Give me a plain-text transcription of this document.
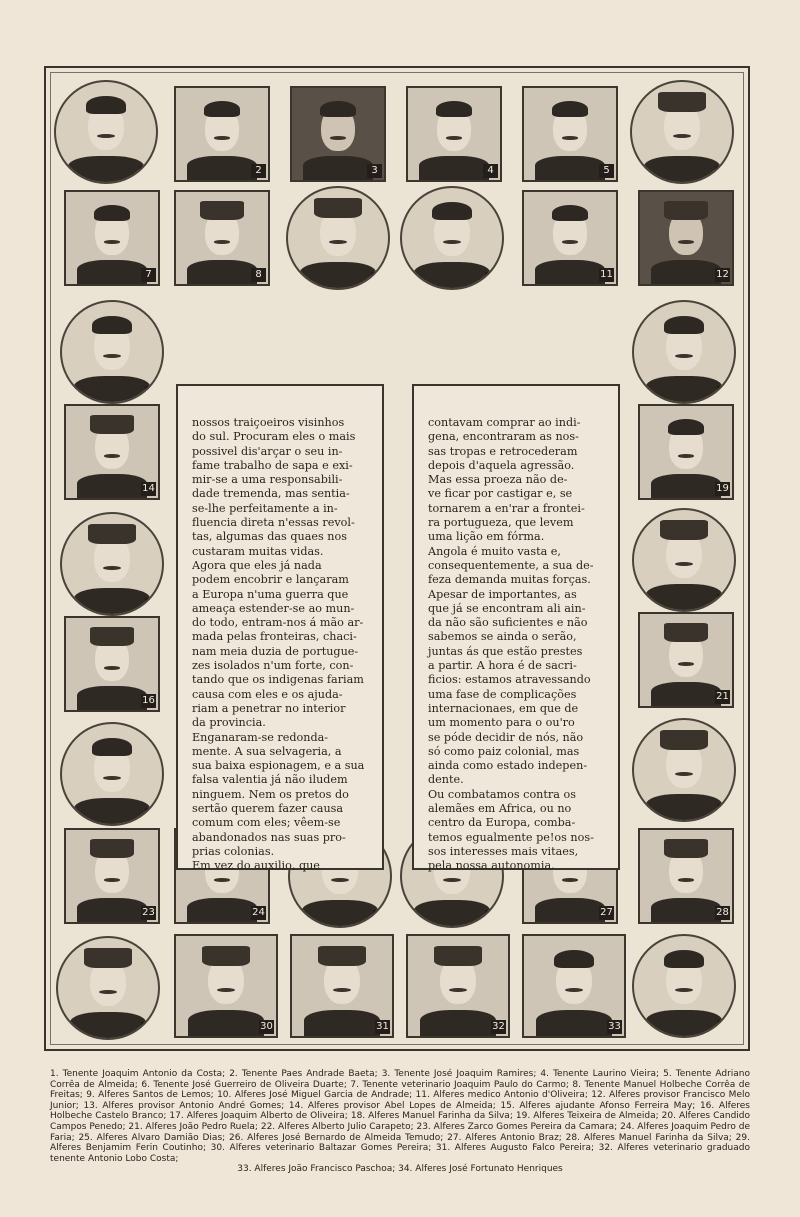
1	2	3	4	5	6
7	8	9	10	11	12
13
14
15
16
17
18
19
20
21
22
23	24	25	26	27	28
29	30	31	32	33	34
nossos traiçoeiros visinhos
do sul. Procuram eles o mais
possivel dis'arçar o seu in-
fame trabalho de sapa e exi-
mir-se a uma responsabili-
dade tremenda, mas sentia-
se-lhe perfeitamente a in-
fluencia direta n'essas revol-
tas, algumas das quaes nos
custaram muitas vidas.
Agora que eles já nada
podem encobrir e lançaram
a Europa n'uma guerra que
ameaça estender-se ao mun-
do todo, entram-nos á mão ar-
mada pelas fronteiras, chaci-
nam meia duzia de portugue-
zes isolados n'um forte, con-
tando que os indigenas fariam
causa com eles e os ajuda-
riam a penetrar no interior
da provincia.
Enganaram-se redonda-
mente. A sua selvageria, a
sua baixa espionagem, e a sua
falsa valentia já não iludem
ninguem. Nem os pretos do
sertão querem fazer causa
comum com eles; vêem-se
abandonados nas suas pro-
prias colonias.
Em vez do auxilio, que
contavam comprar ao indi-
gena, encontraram as nos-
sas tropas e retrocederam
depois d'aquela agressão.
Mas essa proeza não de-
ve ficar por castigar e, se
tornarem a en'rar a frontei-
ra portugueza, que levem
uma lição em fórma.
Angola é muito vasta e,
consequentemente, a sua de-
feza demanda muitas forças.
Apesar de importantes, as
que já se encontram ali ain-
da não são suficientes e não
sabemos se ainda o serão,
juntas ás que estão prestes
a partir. A hora é de sacri-
ficios: estamos atravessando
uma fase de complicações
internacionaes, em que de
um momento para o ou'ro
se póde decidir de nós, não
só como paiz colonial, mas
ainda como estado indepen-
dente.
Ou combatamos contra os
alemães em Africa, ou no
centro da Europa, comba-
temos egualmente pe!os nos-
sos interesses mais vitaes,
pela nossa autonomia.
1. Tenente Joaquim Antonio da Costa; 2. Tenente Paes Andrade Baeta; 3. Tenente José Joaquim Ramires; 4. Tenente Laurino Vieira; 5. Tenente Adriano Corrêa de Almeida; 6. Tenente José Guerreiro de Oliveira Duarte; 7. Tenente veterinario Joaquim Paulo do Carmo; 8. Tenente Manuel Holbeche Corrêa de Freitas; 9. Alferes Santos de Lemos; 10. Alferes José Miguel Garcia de Andrade; 11. Alferes medico Antonio d'Oliveira; 12. Alferes provisor Francisco Melo Junior; 13. Alferes provisor Antonio André Gomes; 14. Alferes provisor Abel Lopes de Almeida; 15. Alferes ajudante Afonso Ferreira May; 16. Alferes Holbeche Castelo Branco; 17. Alferes Joaquim Alberto de Oliveira; 18. Alferes Manuel Farinha da Silva; 19. Alferes Teixeira de Almeida; 20. Alferes Candido Campos Penedo; 21. Alferes João Pedro Ruela; 22. Alferes Alberto Julio Carapeto; 23. Alferes Zarco Gomes Pereira da Camara; 24. Alferes Joaquim Pedro de Faria; 25. Alferes Alvaro Damião Dias; 26. Alferes José Bernardo de Almeida Temudo; 27. Alferes Antonio Braz; 28. Alferes Manuel Farinha da Silva; 29. Alferes Benjamim Ferin Coutinho; 30. Alferes veterinario Baltazar Gomes Pereira; 31. Alferes Augusto Falco Pereira; 32. Alferes veterinario graduado tenente Antonio Lobo Costa;
33. Alferes João Francisco Paschoa; 34. Alferes José Fortunato Henriques
